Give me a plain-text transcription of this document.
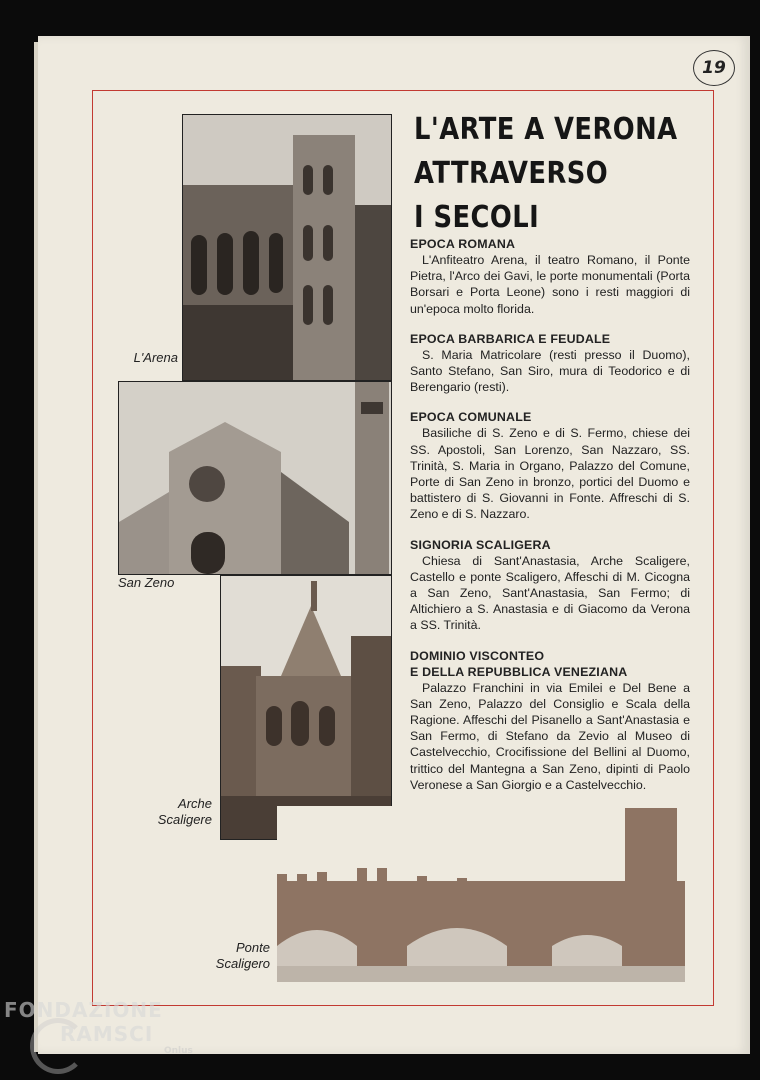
19
L'Arena
San Zeno
Arche
Scaligere
Ponte
Scaligero
L'ARTE A VERONA
ATTRAVERSO
I SECOLI
EPOCA ROMANA

L'Anfiteatro Arena, il teatro Romano, il Ponte Pietra, l'Arco dei Gavi, le porte monumentali (Porta Borsari e Porta Leone) sono i resti maggiori di un'epoca molto florida.

EPOCA BARBARICA E FEUDALE

S. Maria Matricolare (resti presso il Duomo), Santo Stefano, San Siro, mura di Teodorico e di Berengario (resti).

EPOCA COMUNALE

Basiliche di S. Zeno e di S. Fermo, chiese dei SS. Apostoli, San Lorenzo, San Nazzaro, SS. Trinità, S. Maria in Organo, Palazzo del Comune, Porte di San Zeno in bronzo, portici del Duomo e battistero di S. Giovanni in Fonte. Affreschi di S. Zeno e di S. Nazzaro.

SIGNORIA SCALIGERA

Chiesa di Sant'Anastasia, Arche Scaligere, Castello e ponte Scaligero, Affeschi di M. Cicogna a San Zeno, Sant'Anastasia, San Fermo; di Altichiero a S. Anastasia e di Giacomo da Verona a SS. Trinità.

DOMINIO VISCONTEO
E DELLA REPUBBLICA VENEZIANA

Palazzo Franchini in via Emilei e Del Bene a San Zeno, Palazzo del Consiglio e Scala della Ragione. Affeschi del Pisanello a Sant'Anastasia e San Fermo, di Stefano da Zevio al Museo di Castelvecchio, Crocifissione del Bellini al Duomo, trittico del Mantegna a San Zeno, dipinti di Paolo Veronese a San Giorgio e a Castelvecchio.

FONDAZIONE
RAMSCI
Onlus
